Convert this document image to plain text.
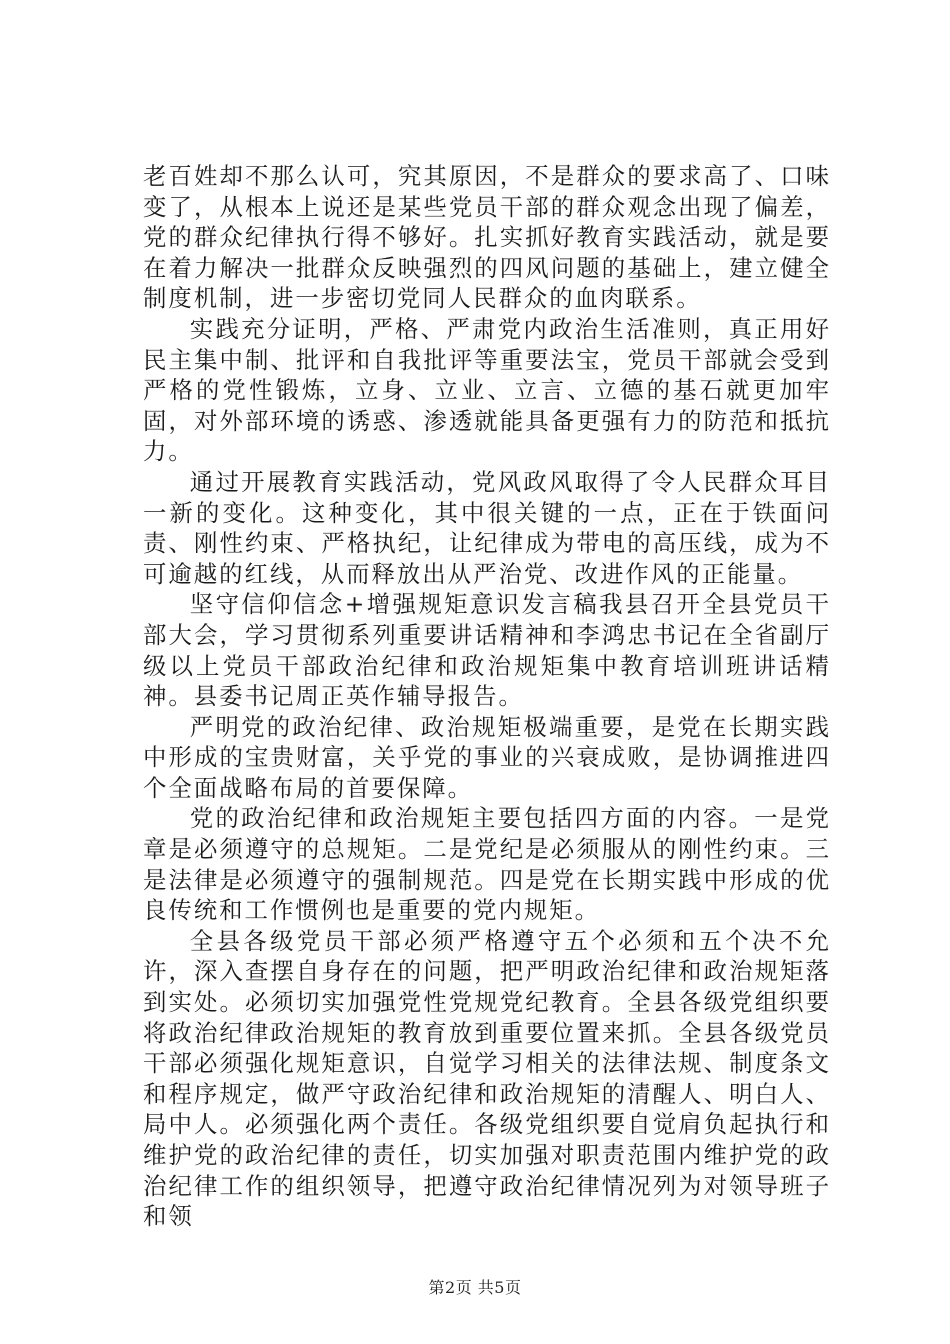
老百姓却不那么认可，究其原因，不是群众的要求高了、口味变了，从根本上说还是某些党员干部的群众观念出现了偏差，党的群众纪律执行得不够好。扎实抓好教育实践活动，就是要在着力解决一批群众反映强烈的四风问题的基础上，建立健全制度机制，进一步密切党同人民群众的血肉联系。

实践充分证明，严格、严肃党内政治生活准则，真正用好民主集中制、批评和自我批评等重要法宝，党员干部就会受到严格的党性锻炼，立身、立业、立言、立德的基石就更加牢固，对外部环境的诱惑、渗透就能具备更强有力的防范和抵抗力。

通过开展教育实践活动，党风政风取得了令人民群众耳目一新的变化。这种变化，其中很关键的一点，正在于铁面问责、刚性约束、严格执纪，让纪律成为带电的高压线，成为不可逾越的红线，从而释放出从严治党、改进作风的正能量。

坚守信仰信念+增强规矩意识发言稿我县召开全县党员干部大会，学习贯彻系列重要讲话精神和李鸿忠书记在全省副厅级以上党员干部政治纪律和政治规矩集中教育培训班讲话精神。县委书记周正英作辅导报告。

严明党的政治纪律、政治规矩极端重要，是党在长期实践中形成的宝贵财富，关乎党的事业的兴衰成败，是协调推进四个全面战略布局的首要保障。

党的政治纪律和政治规矩主要包括四方面的内容。一是党章是必须遵守的总规矩。二是党纪是必须服从的刚性约束。三是法律是必须遵守的强制规范。四是党在长期实践中形成的优良传统和工作惯例也是重要的党内规矩。

全县各级党员干部必须严格遵守五个必须和五个决不允许，深入查摆自身存在的问题，把严明政治纪律和政治规矩落到实处。必须切实加强党性党规党纪教育。全县各级党组织要将政治纪律政治规矩的教育放到重要位置来抓。全县各级党员干部必须强化规矩意识，自觉学习相关的法律法规、制度条文和程序规定，做严守政治纪律和政治规矩的清醒人、明白人、局中人。必须强化两个责任。各级党组织要自觉肩负起执行和维护党的政治纪律的责任，切实加强对职责范围内维护党的政治纪律工作的组织领导，把遵守政治纪律情况列为对领导班子和领

第2页 共5页
